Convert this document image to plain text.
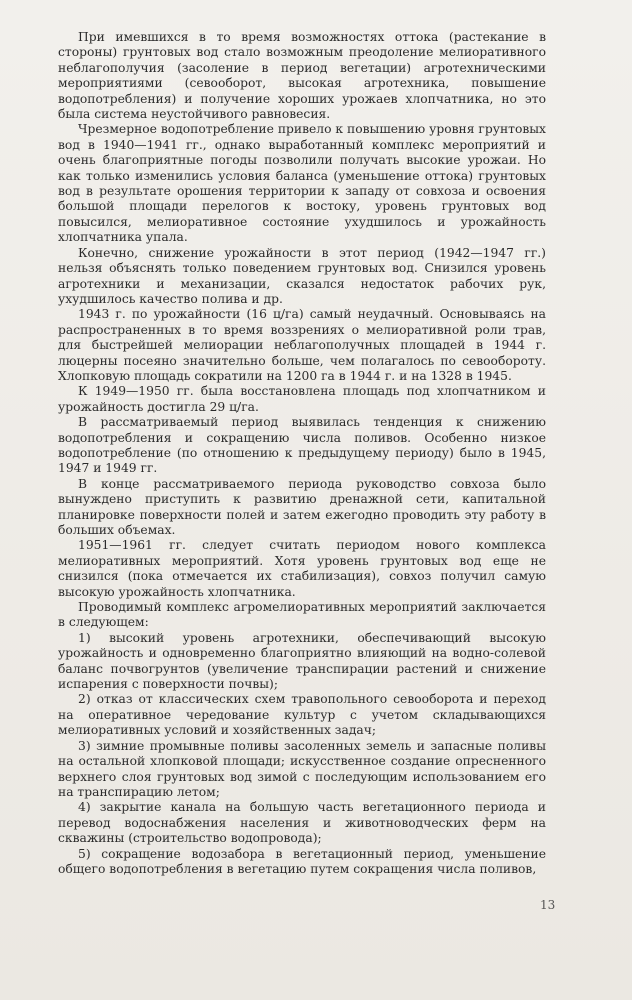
При имевшихся в то время возможностях оттока (растекание в стороны) грунтовых вод стало возможным преодоление мелиоративного неблагополучия (засоление в период вегетации) агротехническими мероприятиями (севооборот, высокая агротехника, повышение водопотребления) и получение хороших урожаев хлопчатника, но это была система неустойчивого равновесия.

Чрезмерное водопотребление привело к повышению уровня грунтовых вод в 1940—1941 гг., однако выработанный комплекс мероприятий и очень благоприятные погоды позволили получать высокие урожаи. Но как только изменились условия баланса (уменьшение оттока) грунтовых вод в результате орошения территории к западу от совхоза и освоения большой площади перелогов к востоку, уровень грунтовых вод повысился, мелиоративное состояние ухудшилось и урожайность хлопчатника упала.

Конечно, снижение урожайности в этот период (1942—1947 гг.) нельзя объяснять только поведением грунтовых вод. Снизился уровень агротехники и механизации, сказался недостаток рабочих рук, ухудшилось качество полива и др.

1943 г. по урожайности (16 ц/га) самый неудачный. Основываясь на распространенных в то время воззрениях о мелиоративной роли трав, для быстрейшей мелиорации неблагополучных площадей в 1944 г. люцерны посеяно значительно больше, чем полагалось по севообороту. Хлопковую площадь сократили на 1200 га в 1944 г. и на 1328 в 1945.

К 1949—1950 гг. была восстановлена площадь под хлопчатником и урожайность достигла 29 ц/га.

В рассматриваемый период выявилась тенденция к снижению водопотребления и сокращению числа поливов. Особенно низкое водопотребление (по отношению к предыдущему периоду) было в 1945, 1947 и 1949 гг.

В конце рассматриваемого периода руководство совхоза было вынуждено приступить к развитию дренажной сети, капитальной планировке поверхности полей и затем ежегодно проводить эту работу в больших объемах.

1951—1961 гг. следует считать периодом нового комплекса мелиоративных мероприятий. Хотя уровень грунтовых вод еще не снизился (пока отмечается их стабилизация), совхоз получил самую высокую урожайность хлопчатника.

Проводимый комплекс агромелиоративных мероприятий заключается в следующем:

1) высокий уровень агротехники, обеспечивающий высокую урожайность и одновременно благоприятно влияющий на водно-солевой баланс почвогрунтов (увеличение транспирации растений и снижение испарения с поверхности почвы);

2) отказ от классических схем травопольного севооборота и переход на оперативное чередование культур с учетом складывающихся мелиоративных условий и хозяйственных задач;

3) зимние промывные поливы засоленных земель и запасные поливы на остальной хлопковой площади; искусственное создание опресненного верхнего слоя грунтовых вод зимой с последующим использованием его на транспирацию летом;

4) закрытие канала на большую часть вегетационного периода и перевод водоснабжения населения и животноводческих ферм на скважины (строительство водопровода);

5) сокращение водозабора в вегетационный период, уменьшение общего водопотребления в вегетацию путем сокращения числа поливов,

13
